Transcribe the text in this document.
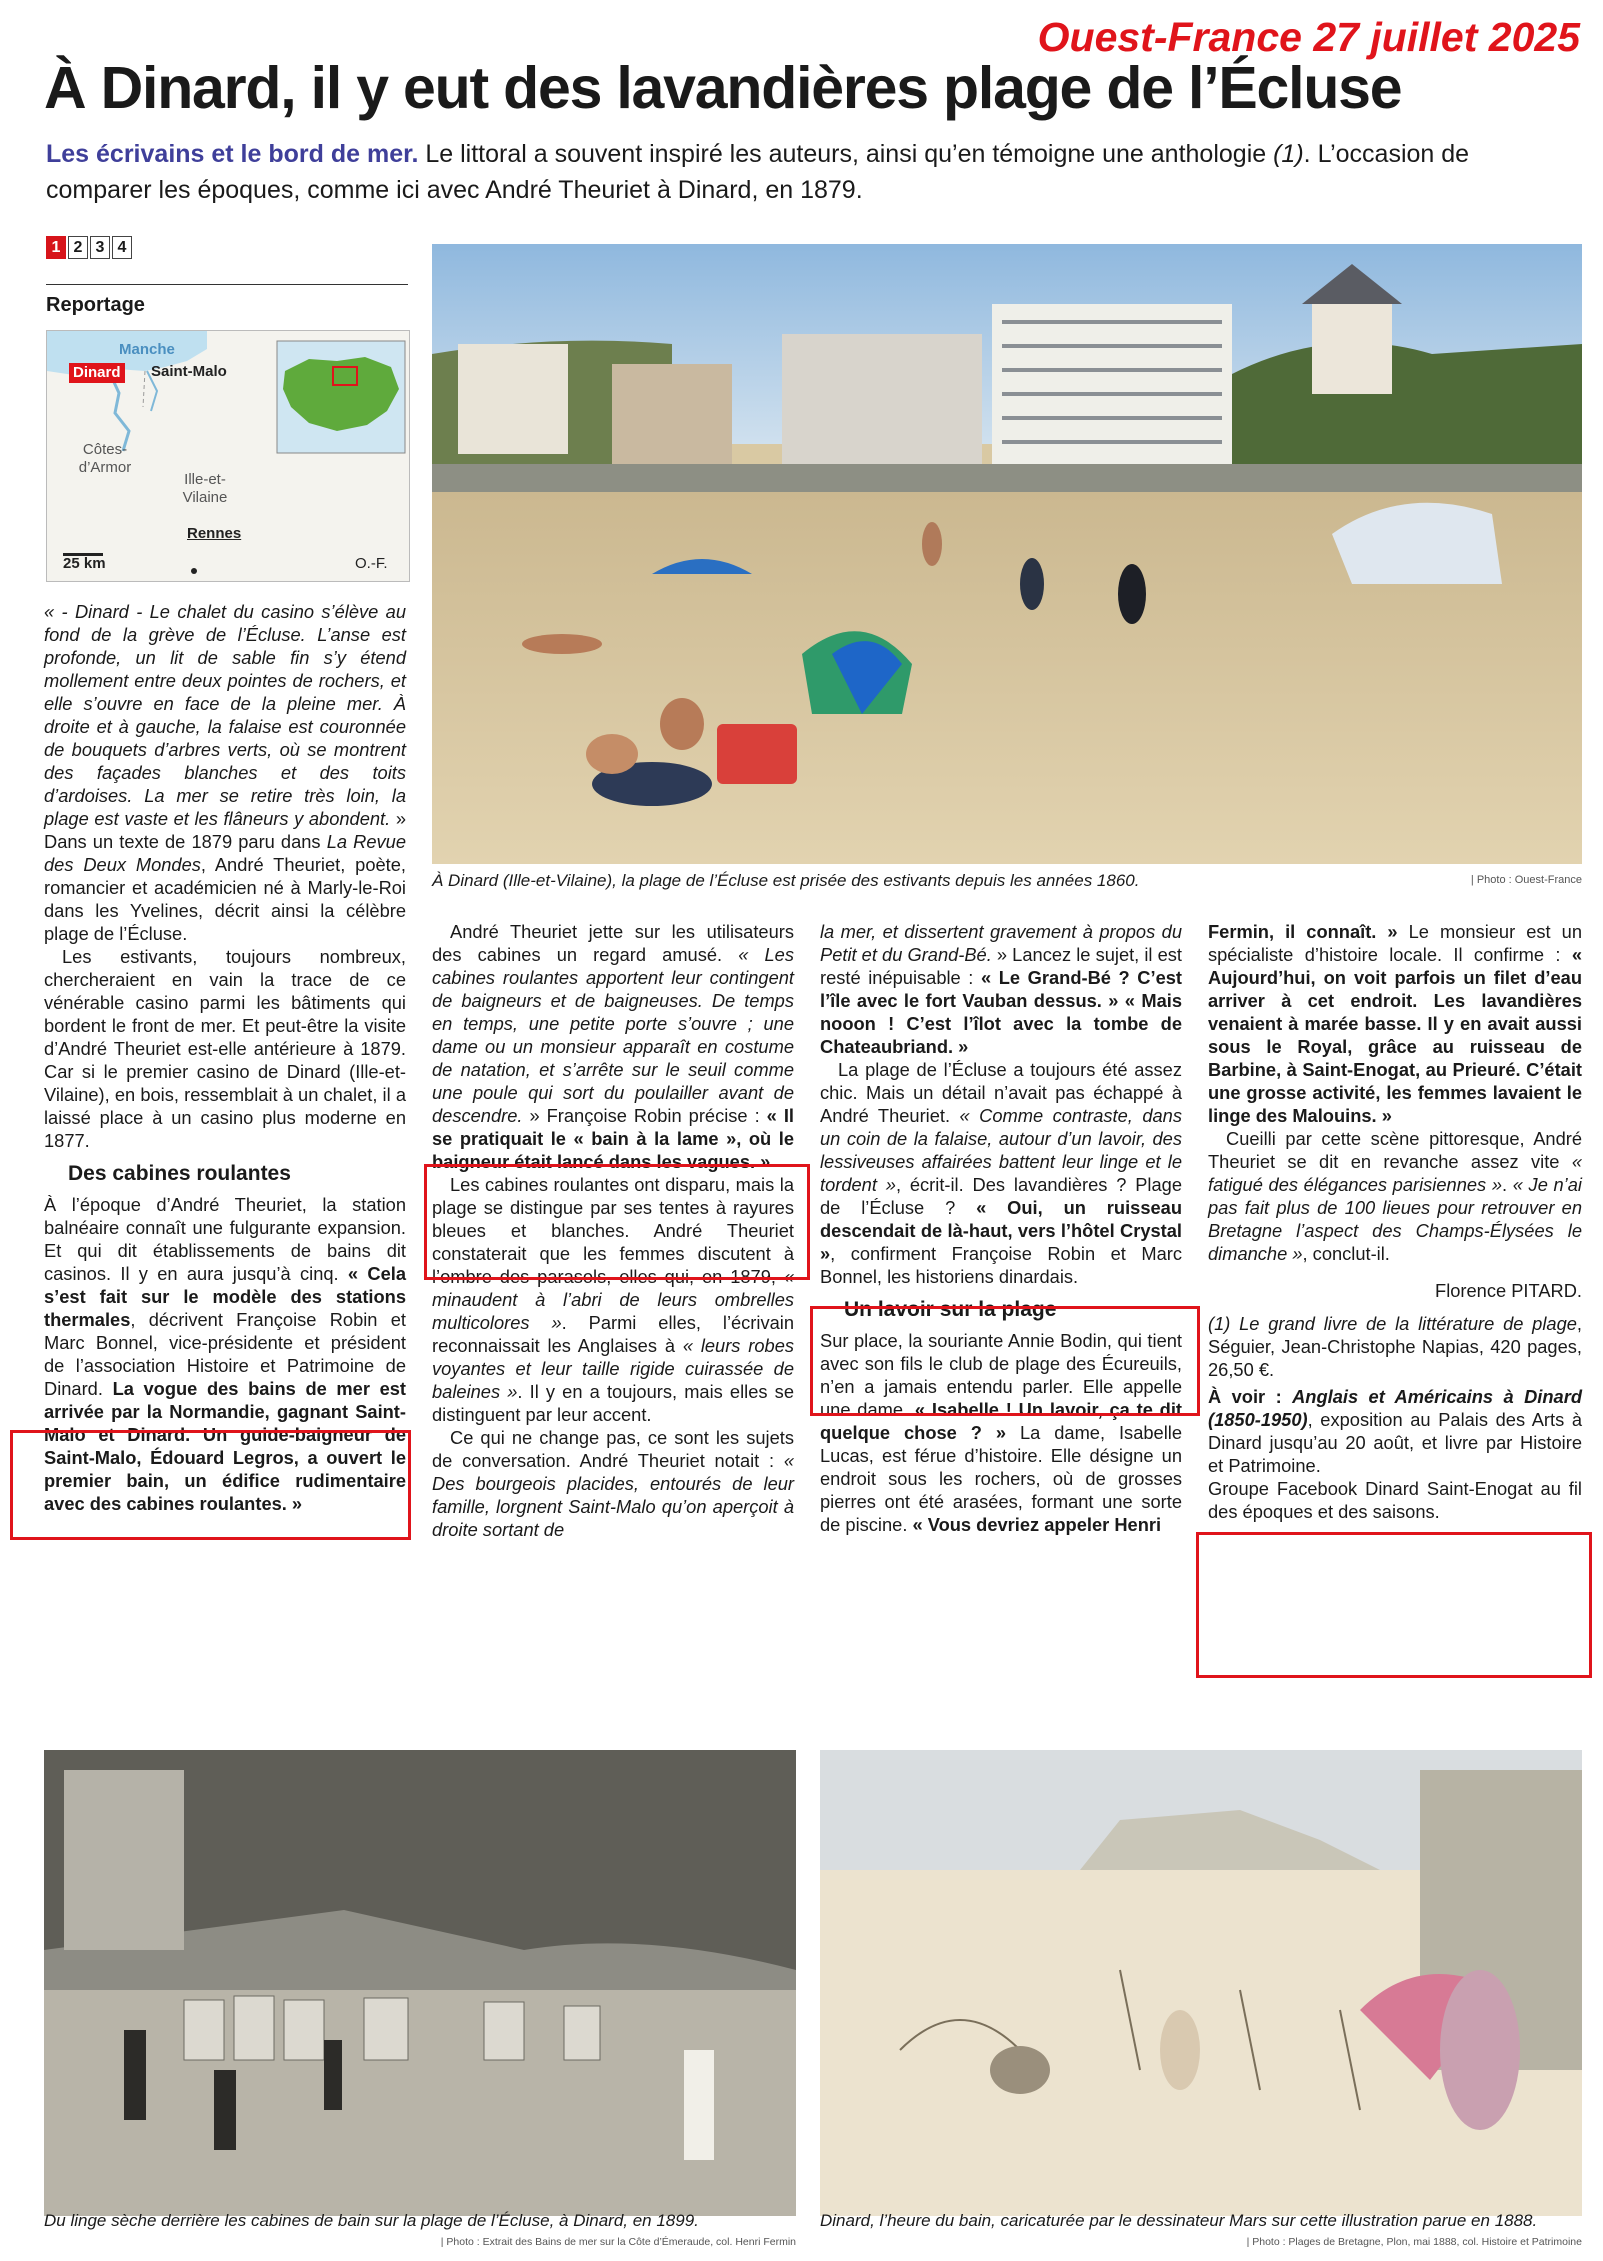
Ouest-France 27 juillet 2025
À Dinard, il y eut des lavandières plage de l’Écluse
Les écrivains et le bord de mer. Le littoral a souvent inspiré les auteurs, ainsi qu’en témoigne une anthologie (1). L’occasion de comparer les époques, comme ici avec André Theuriet à Dinard, en 1879.
1 2 3 4
Reportage
Manche
Dinard Saint-Malo
Côtes-d’Armor
Ille-et-Vilaine
Rennes
25 km	O.-F.
À Dinard (Ille-et-Vilaine), la plage de l’Écluse est prisée des estivants depuis les années 1860.	| Photo : Ouest-France

« - Dinard - Le chalet du casino s’élève au fond de la grève de l’Écluse. L’anse est profonde, un lit de sable fin s’y étend mollement entre deux pointes de rochers, et elle s’ouvre en face de la pleine mer. À droite et à gauche, la falaise est couronnée de bouquets d’arbres verts, où se montrent des façades blanches et des toits d’ardoises. La mer se retire très loin, la plage est vaste et les flâneurs y abondent. » Dans un texte de 1879 paru dans La Revue des Deux Mondes, André Theuriet, poète, romancier et académicien né à Marly-le-Roi dans les Yvelines, décrit ainsi la célèbre plage de l’Écluse.

Les estivants, toujours nombreux, chercheraient en vain la trace de ce vénérable casino parmi les bâtiments qui bordent le front de mer. Et peut-être la visite d’André Theuriet est-elle antérieure à 1879. Car si le premier casino de Dinard (Ille-et-Vilaine), en bois, ressemblait à un chalet, il a laissé place à un casino plus moderne en 1877.

Des cabines roulantes

À l’époque d’André Theuriet, la station balnéaire connaît une fulgurante expansion. Et qui dit établissements de bains dit casinos. Il y en aura jusqu’à cinq. « Cela s’est fait sur le modèle des stations thermales, décrivent Françoise Robin et Marc Bonnel, vice-présidente et président de l’association Histoire et Patrimoine de Dinard. La vogue des bains de mer est arrivée par la Normandie, gagnant Saint-Malo et Dinard. Un guide-baigneur de Saint-Malo, Édouard Legros, a ouvert le premier bain, un édifice rudimentaire avec des cabines roulantes. »

André Theuriet jette sur les utilisateurs des cabines un regard amusé. « Les cabines roulantes apportent leur contingent de baigneurs et de baigneuses. De temps en temps, une petite porte s’ouvre ; une dame ou un monsieur apparaît en costume de natation, et s’arrête sur le seuil comme une poule qui sort du poulailler avant de descendre. » Françoise Robin précise : « Il se pratiquait le « bain à la lame », où le baigneur était lancé dans les vagues. »

Les cabines roulantes ont disparu, mais la plage se distingue par ses tentes à rayures bleues et blanches. André Theuriet constaterait que les femmes discutent à l’ombre des parasols, elles qui, en 1879, « minaudent à l’abri de leurs ombrelles multicolores ». Parmi elles, l’écrivain reconnaissait les Anglaises à « leurs robes voyantes et leur taille rigide cuirassée de baleines ». Il y en a toujours, mais elles se distinguent par leur accent.

Ce qui ne change pas, ce sont les sujets de conversation. André Theuriet notait : « Des bourgeois placides, entourés de leur famille, lorgnent Saint-Malo qu’on aperçoit à droite sortant de

la mer, et dissertent gravement à propos du Petit et du Grand-Bé. » Lancez le sujet, il est resté inépuisable : « Le Grand-Bé ? C’est l’île avec le fort Vauban dessus. » « Mais nooon ! C’est l’îlot avec la tombe de Chateaubriand. »

La plage de l’Écluse a toujours été assez chic. Mais un détail n’avait pas échappé à André Theuriet. « Comme contraste, dans un coin de la falaise, autour d’un lavoir, des lessiveuses affairées battent leur linge et le tordent », écrit-il. Des lavandières ? Plage de l’Écluse ? « Oui, un ruisseau descendait de là-haut, vers l’hôtel Crystal », confirment Françoise Robin et Marc Bonnel, les historiens dinardais.

Un lavoir sur la plage

Sur place, la souriante Annie Bodin, qui tient avec son fils le club de plage des Écureuils, n’en a jamais entendu parler. Elle appelle une dame. « Isabelle ! Un lavoir, ça te dit quelque chose ? » La dame, Isabelle Lucas, est férue d’histoire. Elle désigne un endroit sous les rochers, où de grosses pierres ont été arasées, formant une sorte de piscine. « Vous devriez appeler Henri

Fermin, il connaît. » Le monsieur est un spécialiste d’histoire locale. Il confirme : « Aujourd’hui, on voit parfois un filet d’eau arriver à cet endroit. Les lavandières venaient à marée basse. Il y en avait aussi sous le Royal, grâce au ruisseau de Barbine, à Saint-Enogat, au Prieuré. C’était une grosse activité, les femmes lavaient le linge des Malouins. »

Cueilli par cette scène pittoresque, André Theuriet se dit en revanche assez vite « fatigué des élégances parisiennes ». « Je n’ai pas fait plus de 100 lieues pour retrouver en Bretagne l’aspect des Champs-Élysées le dimanche », conclut-il.

Florence PITARD.

(1) Le grand livre de la littérature de plage, Séguier, Jean-Christophe Napias, 420 pages, 26,50 €.

À voir : Anglais et Américains à Dinard (1850-1950), exposition au Palais des Arts à Dinard jusqu’au 20 août, et livre par Histoire et Patrimoine.

Groupe Facebook Dinard Saint-Enogat au fil des époques et des saisons.

Du linge sèche derrière les cabines de bain sur la plage de l’Écluse, à Dinard, en 1899.
| Photo : Extrait des Bains de mer sur la Côte d’Émeraude, col. Henri Fermin
Dinard, l’heure du bain, caricaturée par le dessinateur Mars sur cette illustration parue en 1888.
| Photo : Plages de Bretagne, Plon, mai 1888, col. Histoire et Patrimoine
